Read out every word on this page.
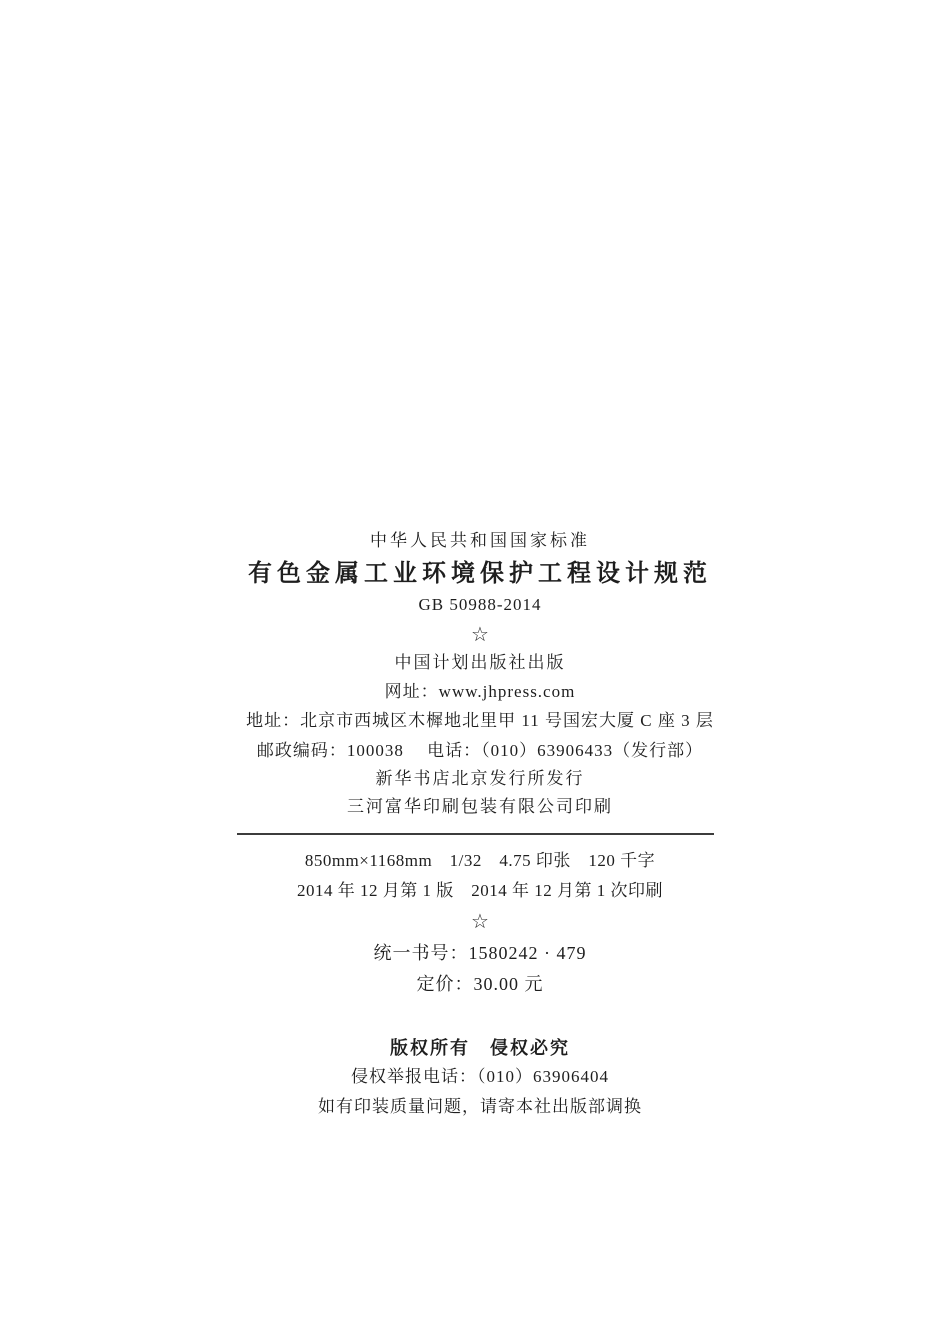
中华人民共和国国家标准
有色金属工业环境保护工程设计规范
GB 50988-2014
☆
中国计划出版社出版
网址：www.jhpress.com
地址：北京市西城区木樨地北里甲 11 号国宏大厦 C 座 3 层
邮政编码：100038　 电话：（010）63906433（发行部）
新华书店北京发行所发行
三河富华印刷包装有限公司印刷
850mm×1168mm　1/32　4.75 印张　120 千字
2014 年 12 月第 1 版　2014 年 12 月第 1 次印刷
☆
统一书号：1580242 · 479
定价：30.00 元
版权所有　侵权必究
侵权举报电话：（010）63906404
如有印装质量问题，请寄本社出版部调换
